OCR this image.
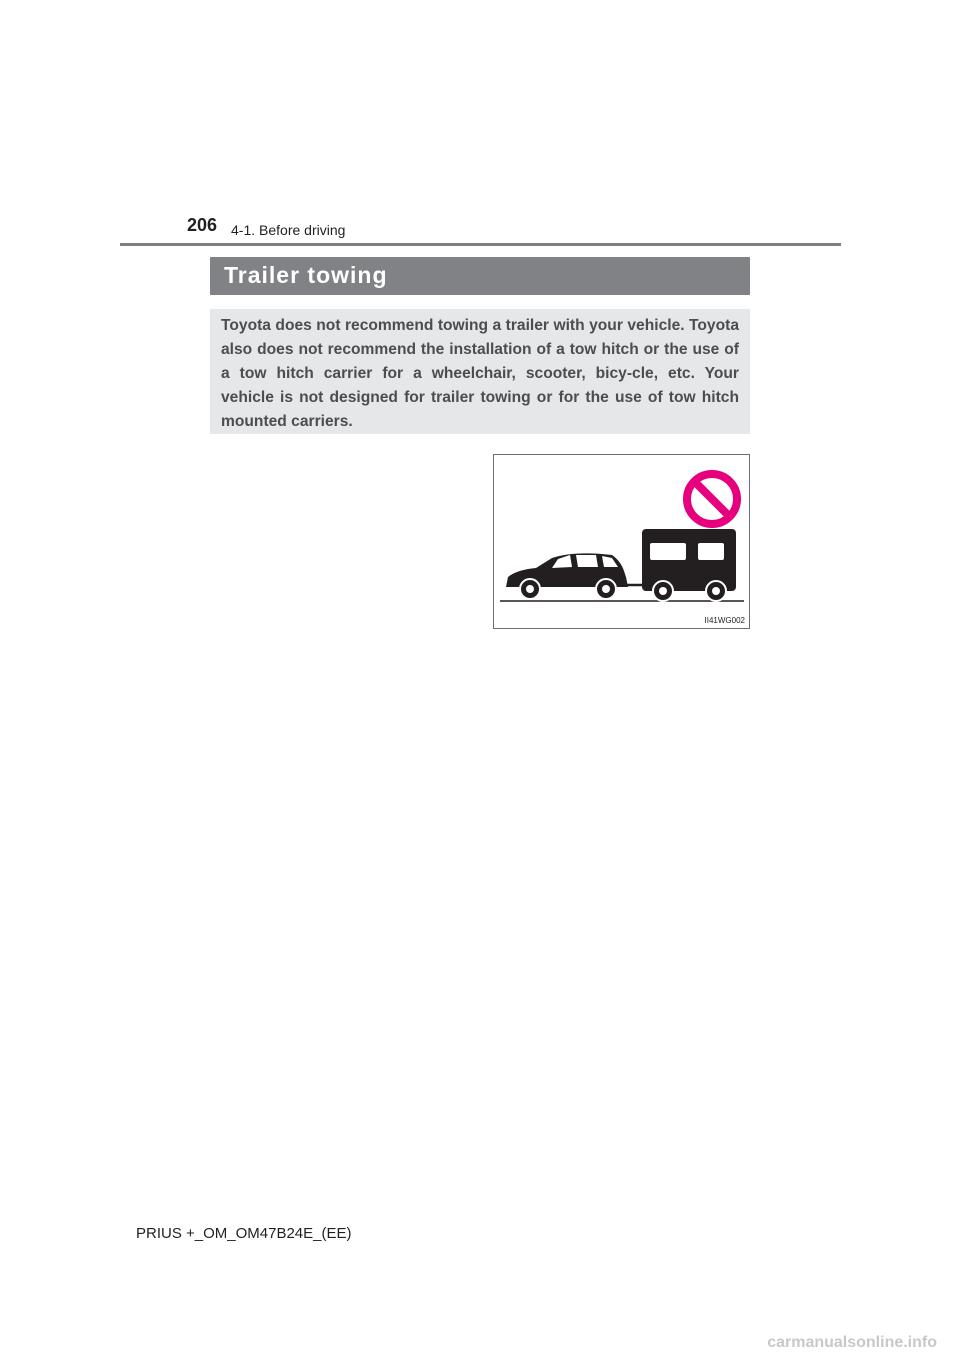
206 4-1. Before driving
Trailer towing

Toyota does not recommend towing a trailer with your vehicle. Toyota also does not recommend the installation of a tow hitch or the use of a tow hitch carrier for a wheelchair, scooter, bicy-cle, etc. Your vehicle is not designed for trailer towing or for the use of tow hitch mounted carriers.

II41WG002
PRIUS +_OM_OM47B24E_(EE)
carmanualsonline.info
